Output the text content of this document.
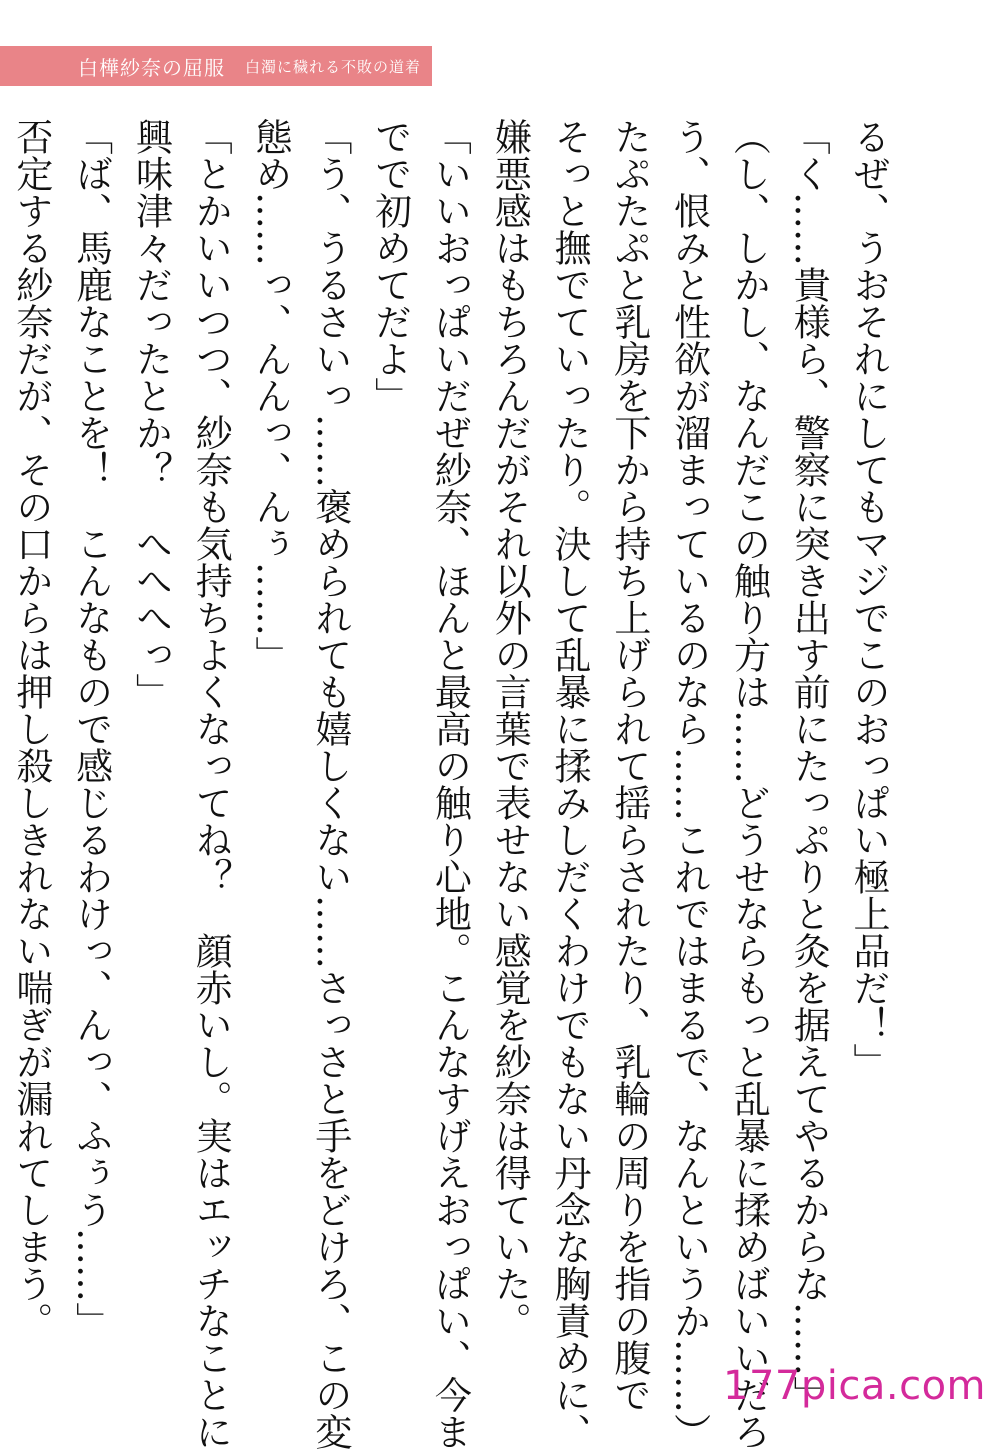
白樺紗奈の屈服 白濁に穢れる不敗の道着

るぜ、うおそれにしてもマジでこのおっぱい極上品だ！」

「く……貴様ら、警察に突き出す前にたっぷりと灸を据えてやるからな……」

（し、しかし、なんだこの触り方は……どうせならもっと乱暴に揉めばいいだろ

う、恨みと性欲が溜まっているのなら……これではまるで、なんというか……）

たぷたぷと乳房を下から持ち上げられて揺らされたり、乳輪の周りを指の腹で

そっと撫でていったり。決して乱暴に揉みしだくわけでもない丹念な胸責めに、

嫌悪感はもちろんだがそれ以外の言葉で表せない感覚を紗奈は得ていた。

「いいおっぱいだぜ紗奈、ほんと最高の触り心地。こんなすげえおっぱい、今ま

でで初めてだよ」

「う、うるさいっ……褒められても嬉しくない……さっさと手をどけろ、この変

態め……っ、んんっ、んぅ……」

「とかいいつつ、紗奈も気持ちよくなってね？　顔赤いし。実はエッチなことに

興味津々だったとか？　へへへっ」

「ば、馬鹿なことを！　こんなもので感じるわけっ、んっ、ふぅう……」

否定する紗奈だが、その口からは押し殺しきれない喘ぎが漏れてしまう。

177pica.com
